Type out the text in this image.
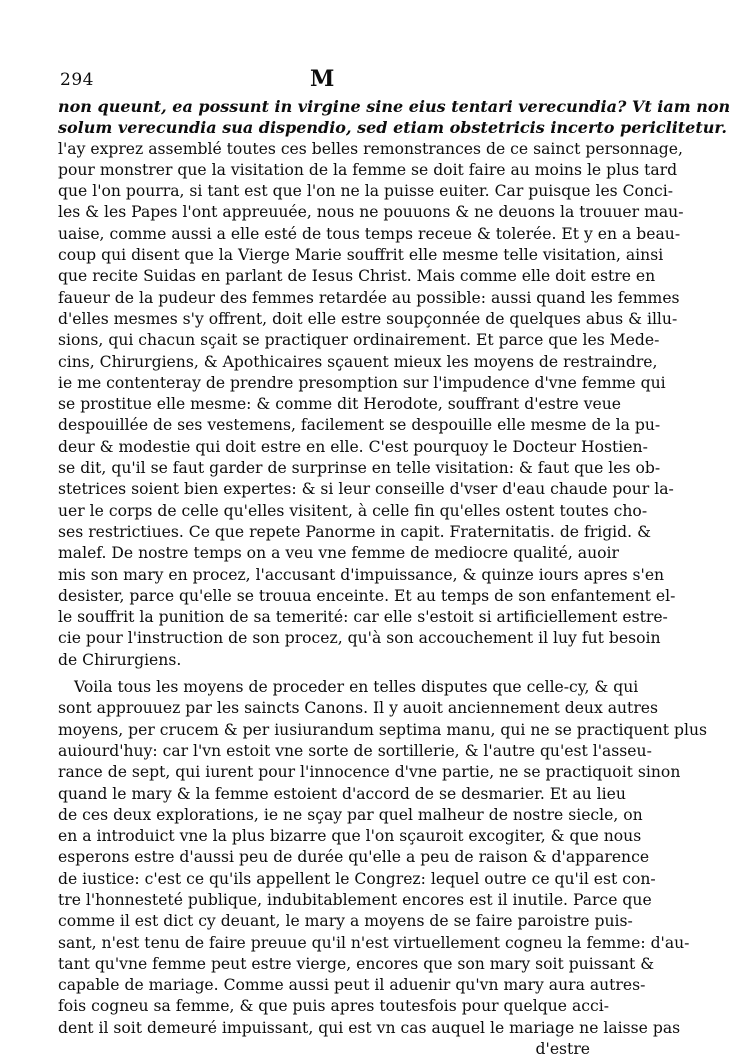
294	M
non queunt, ea possunt in virgine sine eius tentari verecundia? Vt iam non
solum verecundia sua dispendio, sed etiam obstetricis incerto periclitetur.
l'ay exprez assemblé toutes ces belles remonstrances de ce sainct personnage,
pour monstrer que la visitation de la femme se doit faire au moins le plus tard
que l'on pourra, si tant est que l'on ne la puisse euiter. Car puisque les Conci-
les & les Papes l'ont appreuuée, nous ne pouuons & ne deuons la trouuer mau-
uaise, comme aussi a elle esté de tous temps receue & tolerée. Et y en a beau-
coup qui disent que la Vierge Marie souffrit elle mesme telle visitation, ainsi
que recite Suidas en parlant de Iesus Christ. Mais comme elle doit estre en
faueur de la pudeur des femmes retardée au possible: aussi quand les femmes
d'elles mesmes s'y offrent, doit elle estre soupçonnée de quelques abus & illu-
sions, qui chacun sçait se practiquer ordinairement. Et parce que les Mede-
cins, Chirurgiens, & Apothicaires sçauent mieux les moyens de restraindre,
ie me contenteray de prendre presomption sur l'impudence d'vne femme qui
se prostitue elle mesme: & comme dit Herodote, souffrant d'estre veue
despouillée de ses vestemens, facilement se despouille elle mesme de la pu-
deur & modestie qui doit estre en elle. C'est pourquoy le Docteur Hostien-
se dit, qu'il se faut garder de surprinse en telle visitation: & faut que les ob-
stetrices soient bien expertes: & si leur conseille d'vser d'eau chaude pour la-
uer le corps de celle qu'elles visitent, à celle fin qu'elles ostent toutes cho-
ses restrictiues. Ce que repete Panorme in capit. Fraternitatis. de frigid. &
malef. De nostre temps on a veu vne femme de mediocre qualité, auoir
mis son mary en procez, l'accusant d'impuissance, & quinze iours apres s'en
desister, parce qu'elle se trouua enceinte. Et au temps de son enfantement el-
le souffrit la punition de sa temerité: car elle s'estoit si artificiellement estre-
cie pour l'instruction de son procez, qu'à son accouchement il luy fut besoin
de Chirurgiens.
Voila tous les moyens de proceder en telles disputes que celle-cy, & qui
sont approuuez par les saincts Canons. Il y auoit anciennement deux autres
moyens, per crucem & per iusiurandum septima manu, qui ne se practiquent plus
auiourd'huy: car l'vn estoit vne sorte de sortillerie, & l'autre qu'est l'asseu-
rance de sept, qui iurent pour l'innocence d'vne partie, ne se practiquoit sinon
quand le mary & la femme estoient d'accord de se desmarier. Et au lieu
de ces deux explorations, ie ne sçay par quel malheur de nostre siecle, on
en a introduict vne la plus bizarre que l'on sçauroit excogiter, & que nous
esperons estre d'aussi peu de durée qu'elle a peu de raison & d'apparence
de iustice: c'est ce qu'ils appellent le Congrez: lequel outre ce qu'il est con-
tre l'honnesteté publique, indubitablement encores est il inutile. Parce que
comme il est dict cy deuant, le mary a moyens de se faire paroistre puis-
sant, n'est tenu de faire preuue qu'il n'est virtuellement cogneu la femme: d'au-
tant qu'vne femme peut estre vierge, encores que son mary soit puissant &
capable de mariage. Comme aussi peut il aduenir qu'vn mary aura autres-
fois cogneu sa femme, & que puis apres toutesfois pour quelque acci-
dent il soit demeuré impuissant, qui est vn cas auquel le mariage ne laisse pas
d'estre
